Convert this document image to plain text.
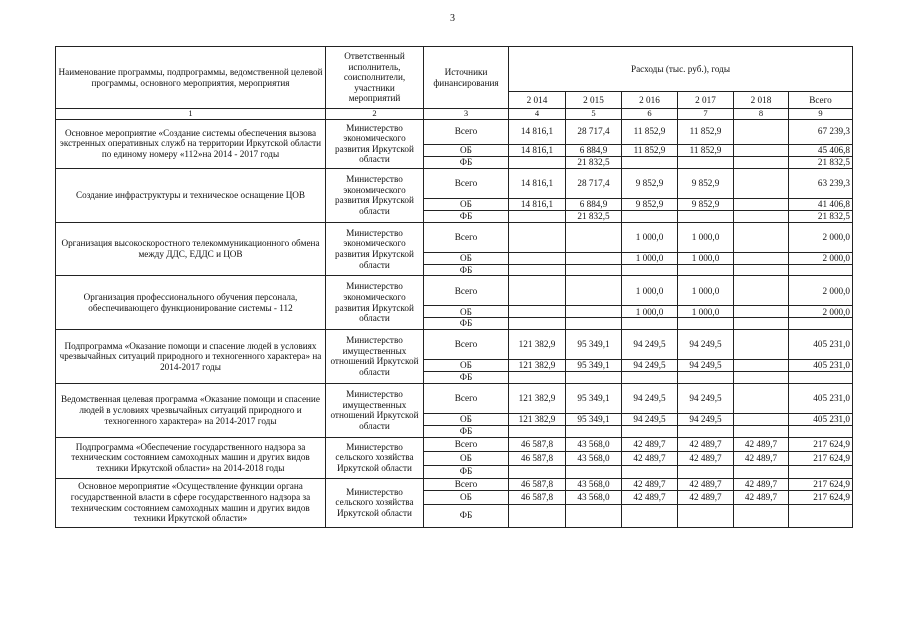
3
Наименование программы, подпрограммы, ведомственной целевой программы, основного мероприятия, мероприятия	Ответственный исполнитель, соисполнители, участники мероприятий	Источники финансирования	Расходы (тыс. руб.), годы					
			2 014	2 015	2 016	2 017	2 018	Всего
1	2	3	4	5	6	7	8	9
Основное мероприятие «Создание системы обеспечения вызова экстренных оперативных служб на территории Иркутской области по единому номеру «112»на 2014 - 2017 годы	Министерство экономического развития Иркутской области	Всего	14 816,1	28 717,4	11 852,9	11 852,9		67 239,3
		ОБ	14 816,1	6 884,9	11 852,9	11 852,9		45 406,8
		ФБ		21 832,5				21 832,5
Создание инфраструктуры и техническое оснащение ЦОВ	Министерство экономического развития Иркутской области	Всего	14 816,1	28 717,4	9 852,9	9 852,9		63 239,3
		ОБ	14 816,1	6 884,9	9 852,9	9 852,9		41 406,8
		ФБ		21 832,5				21 832,5
Организация высокоскоростного телекоммуникационного обмена между ДДС, ЕДДС и ЦОВ	Министерство экономического развития Иркутской области	Всего			1 000,0	1 000,0		2 000,0
		ОБ			1 000,0	1 000,0		2 000,0
		ФБ						
Организация профессионального обучения персонала, обеспечивающего функционирование системы - 112	Министерство экономического развития Иркутской области	Всего			1 000,0	1 000,0		2 000,0
		ОБ			1 000,0	1 000,0		2 000,0
		ФБ						
Подпрограмма «Оказание помощи и спасение людей в условиях чрезвычайных ситуаций природного и техногенного характера» на 2014-2017 годы	Министерство имущественных отношений Иркутской области	Всего	121 382,9	95 349,1	94 249,5	94 249,5		405 231,0
		ОБ	121 382,9	95 349,1	94 249,5	94 249,5		405 231,0
		ФБ						
Ведомственная целевая программа «Оказание помощи и спасение людей в условиях чрезвычайных ситуаций природного и техногенного характера» на 2014-2017 годы	Министерство имущественных отношений Иркутской области	Всего	121 382,9	95 349,1	94 249,5	94 249,5		405 231,0
		ОБ	121 382,9	95 349,1	94 249,5	94 249,5		405 231,0
		ФБ						
Подпрограмма «Обеспечение государственного надзора за техническим состоянием самоходных машин и других видов техники Иркутской области» на 2014-2018 годы	Министерство сельского хозяйства Иркутской области	Всего	46 587,8	43 568,0	42 489,7	42 489,7	42 489,7	217 624,9
		ОБ	46 587,8	43 568,0	42 489,7	42 489,7	42 489,7	217 624,9
		ФБ						
Основное мероприятие «Осуществление функции органа государственной власти в сфере государственного надзора за техническим состоянием самоходных машин и других видов техники Иркутской области»	Министерство сельского хозяйства Иркутской области	Всего	46 587,8	43 568,0	42 489,7	42 489,7	42 489,7	217 624,9
		ОБ	46 587,8	43 568,0	42 489,7	42 489,7	42 489,7	217 624,9
		ФБ						
